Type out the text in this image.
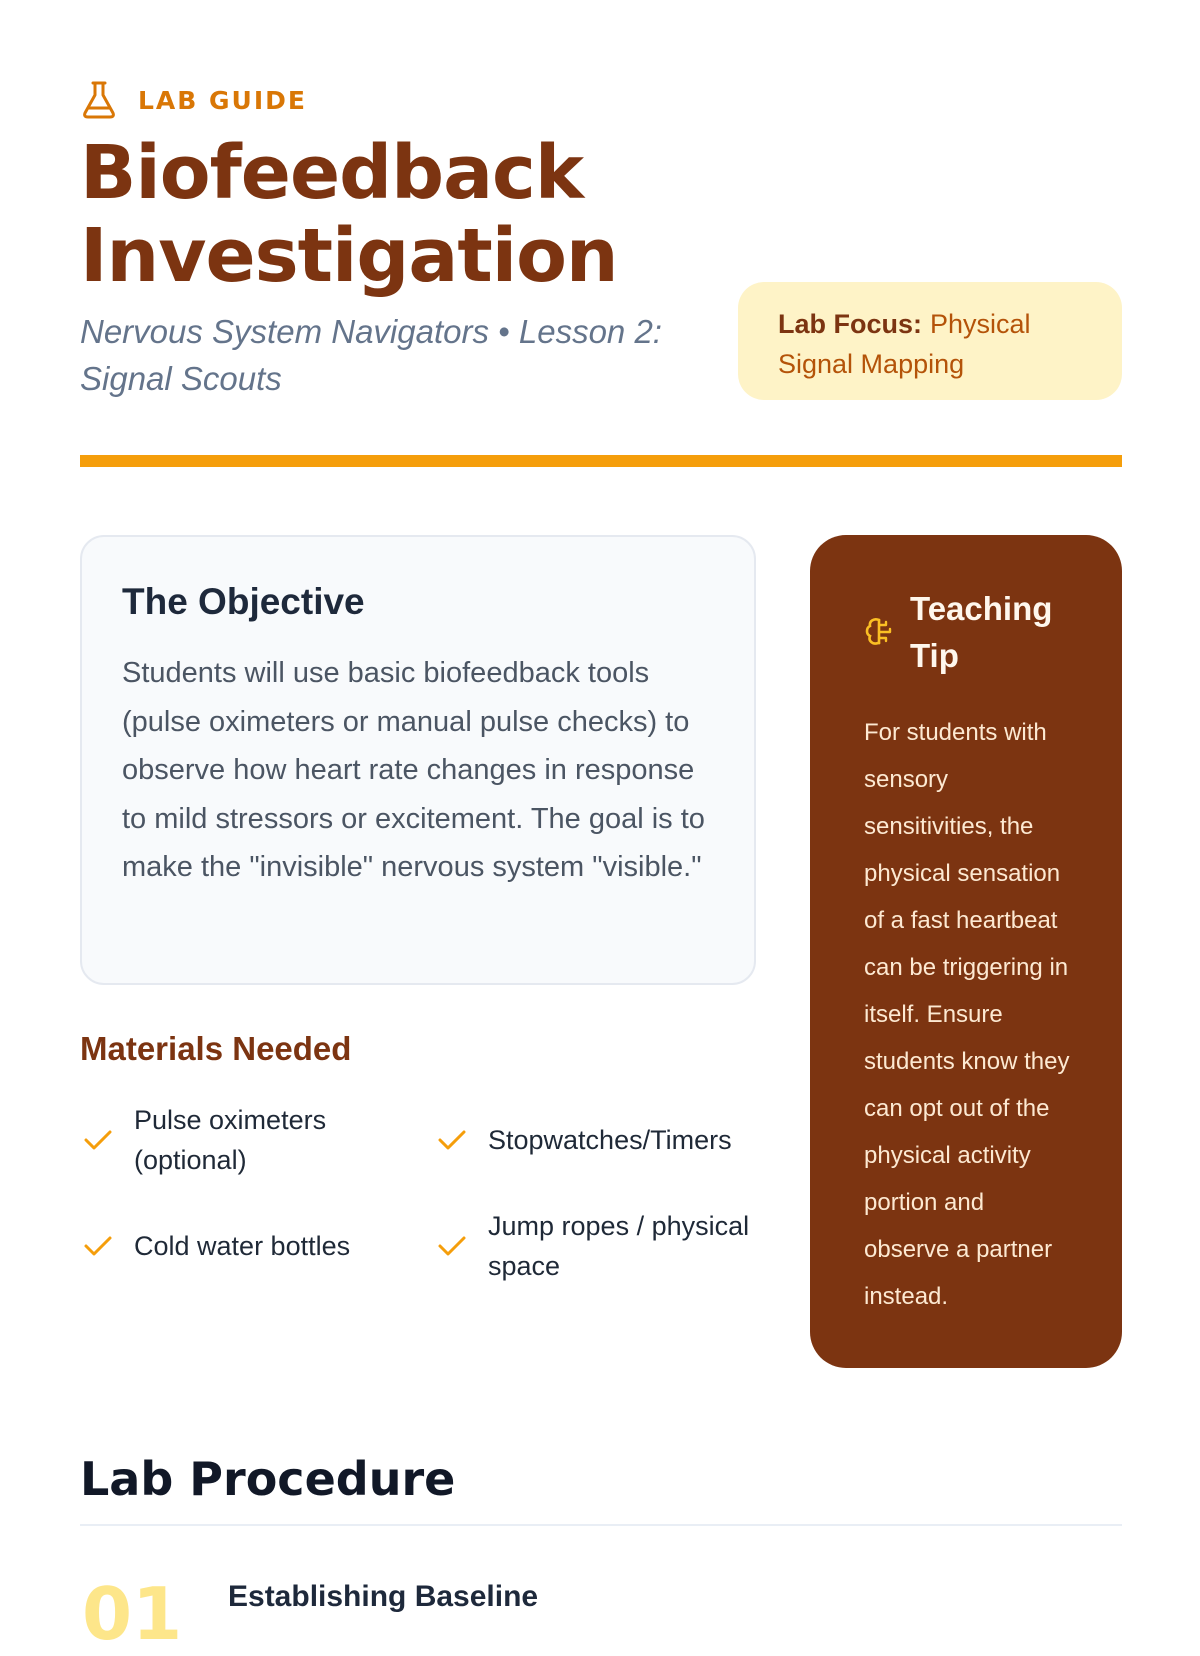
LAB GUIDE
Biofeedback Investigation
Nervous System Navigators • Lesson 2: Signal Scouts
Lab Focus: Physical Signal Mapping
The Objective

Students will use basic biofeedback tools (pulse oximeters or manual pulse checks) to observe how heart rate changes in response to mild stressors or excitement. The goal is to make the "invisible" nervous system "visible."

Materials Needed
Pulse oximeters (optional)
Stopwatches/Timers
Cold water bottles
Jump ropes / physical space
Teaching Tip

For students with sensory sensitivities, the physical sensation of a fast heartbeat can be triggering in itself. Ensure students know they can opt out of the physical activity portion and observe a partner instead.

Lab Procedure
01 Establishing Baseline
